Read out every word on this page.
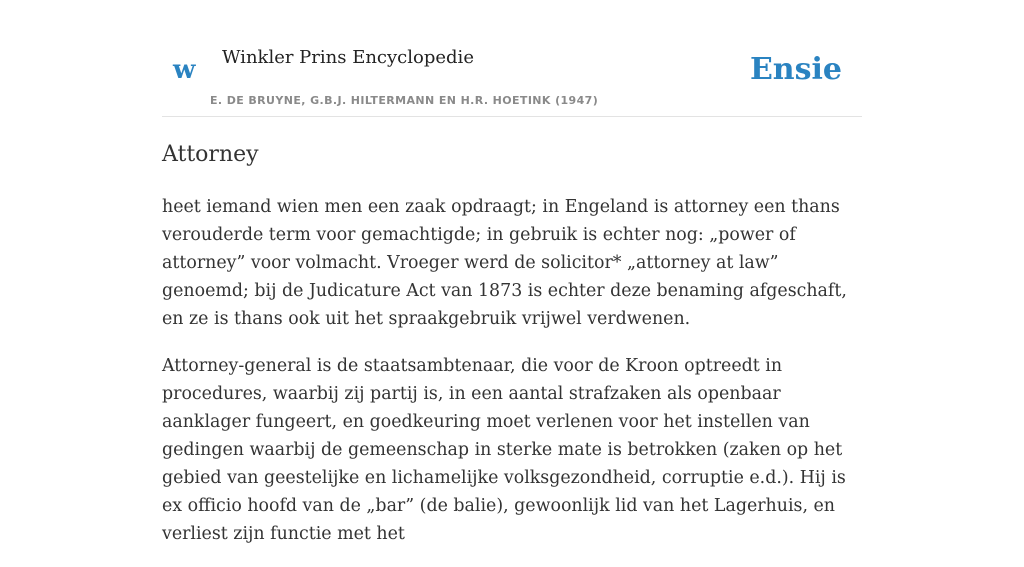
w Winkler Prins Encyclopedie
E. DE BRUYNE, G.B.J. HILTERMANN EN H.R. HOETINK (1947)
Ensie
Attorney

heet iemand wien men een zaak opdraagt; in Engeland is attorney een thans verouderde term voor gemachtigde; in gebruik is echter nog: „power of attorney” voor volmacht. Vroeger werd de solicitor* „attorney at law” genoemd; bij de Judicature Act van 1873 is echter deze benaming afgeschaft, en ze is thans ook uit het spraakgebruik vrijwel verdwenen.

Attorney-general is de staatsambtenaar, die voor de Kroon optreedt in procedures, waarbij zij partij is, in een aantal strafzaken als openbaar aanklager fungeert, en goedkeuring moet verlenen voor het instellen van gedingen waarbij de gemeenschap in sterke mate is betrokken (zaken op het gebied van geestelijke en lichamelijke volksgezondheid, corruptie e.d.). Hij is ex officio hoofd van de „bar” (de balie), gewoonlijk lid van het Lagerhuis, en verliest zijn functie met het
